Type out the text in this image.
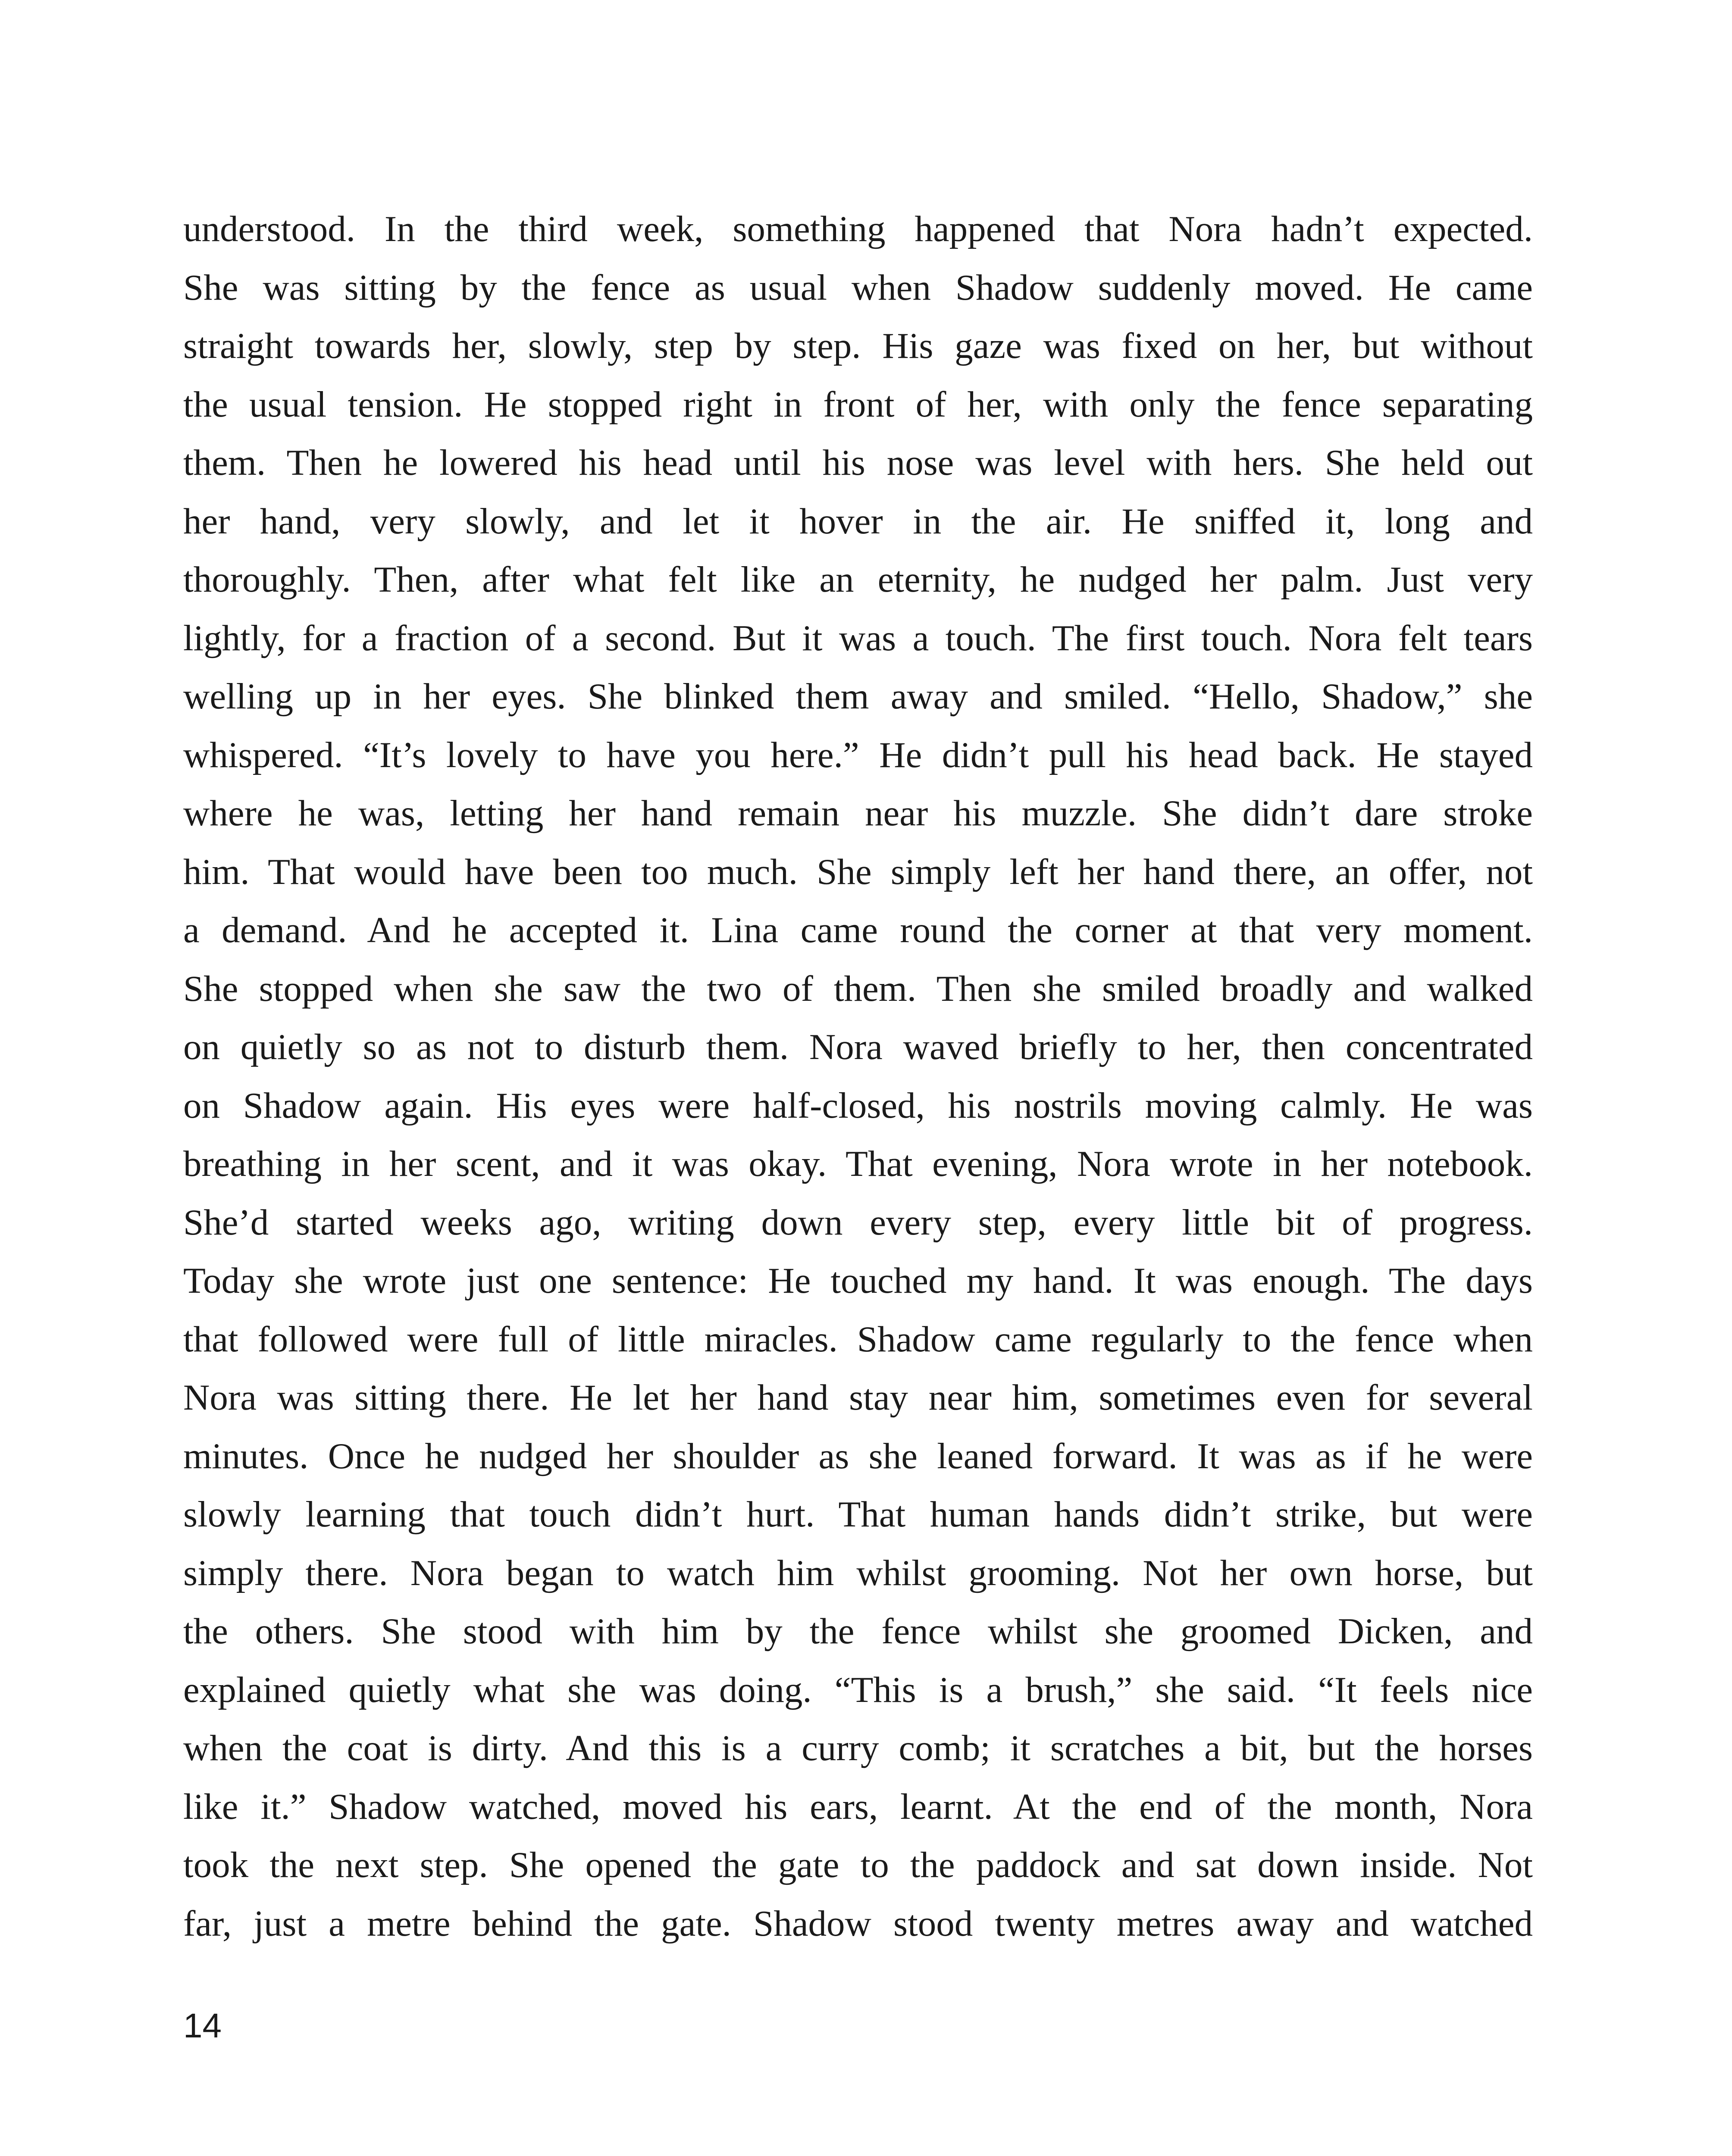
understood. In the third week, something happened that Nora hadn’t expected.
She was sitting by the fence as usual when Shadow suddenly moved. He came
straight towards her, slowly, step by step. His gaze was fixed on her, but without
the usual tension. He stopped right in front of her, with only the fence separating
them. Then he lowered his head until his nose was level with hers. She held out
her hand, very slowly, and let it hover in the air. He sniffed it, long and
thoroughly. Then, after what felt like an eternity, he nudged her palm. Just very
lightly, for a fraction of a second. But it was a touch. The first touch. Nora felt tears
welling up in her eyes. She blinked them away and smiled. “Hello, Shadow,” she
whispered. “It’s lovely to have you here.” He didn’t pull his head back. He stayed
where he was, letting her hand remain near his muzzle. She didn’t dare stroke
him. That would have been too much. She simply left her hand there, an offer, not
a demand. And he accepted it. Lina came round the corner at that very moment.
She stopped when she saw the two of them. Then she smiled broadly and walked
on quietly so as not to disturb them. Nora waved briefly to her, then concentrated
on Shadow again. His eyes were half-closed, his nostrils moving calmly. He was
breathing in her scent, and it was okay. That evening, Nora wrote in her notebook.
She’d started weeks ago, writing down every step, every little bit of progress.
Today she wrote just one sentence: He touched my hand. It was enough. The days
that followed were full of little miracles. Shadow came regularly to the fence when
Nora was sitting there. He let her hand stay near him, sometimes even for several
minutes. Once he nudged her shoulder as she leaned forward. It was as if he were
slowly learning that touch didn’t hurt. That human hands didn’t strike, but were
simply there. Nora began to watch him whilst grooming. Not her own horse, but
the others. She stood with him by the fence whilst she groomed Dicken, and
explained quietly what she was doing. “This is a brush,” she said. “It feels nice
when the coat is dirty. And this is a curry comb; it scratches a bit, but the horses
like it.” Shadow watched, moved his ears, learnt. At the end of the month, Nora
took the next step. She opened the gate to the paddock and sat down inside. Not
far, just a metre behind the gate. Shadow stood twenty metres away and watched
14
